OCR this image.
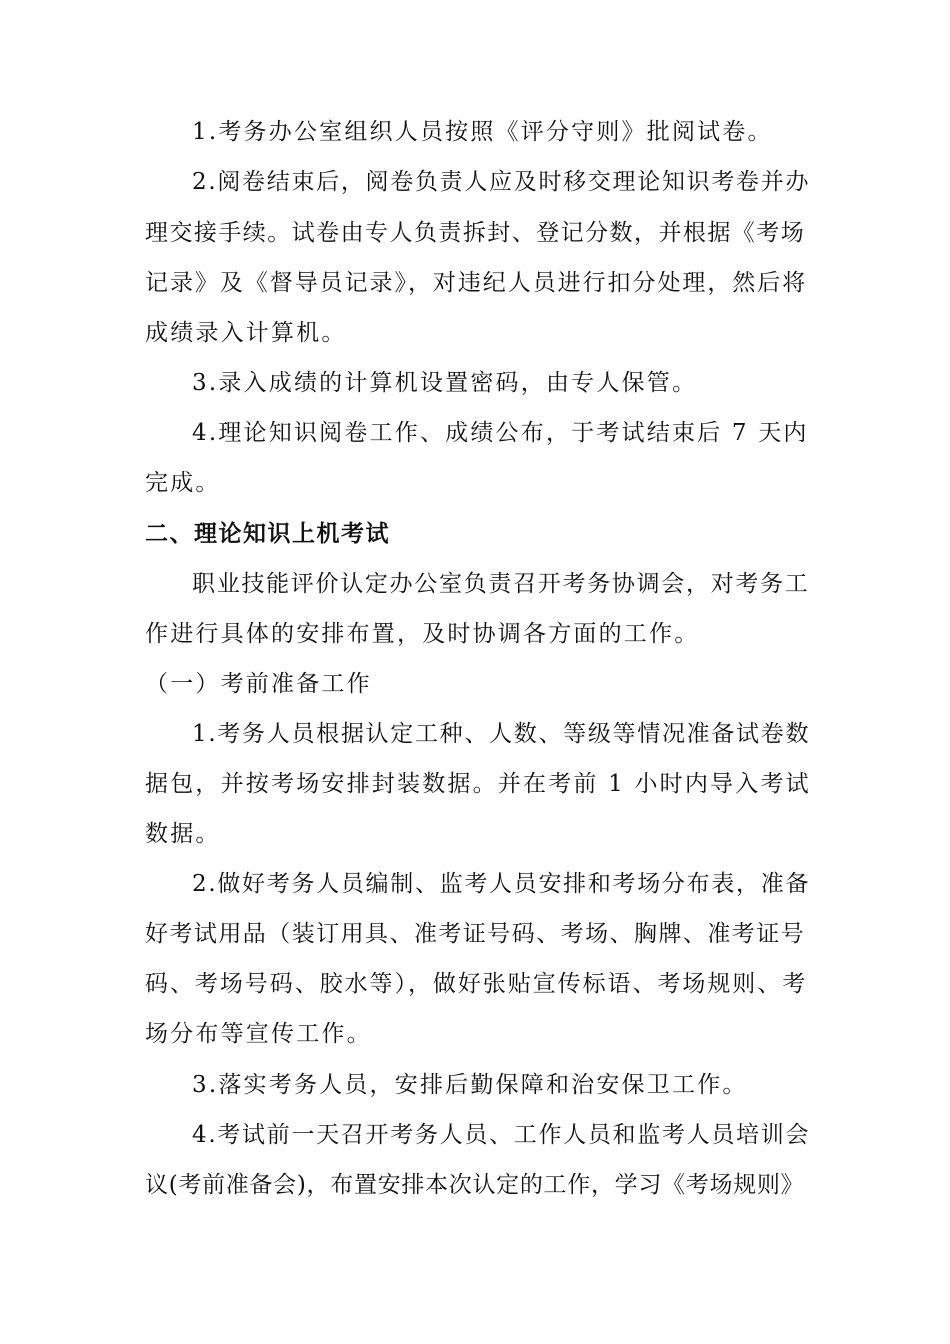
1.考务办公室组织人员按照《评分守则》批阅试卷。

2.阅卷结束后，阅卷负责人应及时移交理论知识考卷并办

理交接手续。试卷由专人负责拆封、登记分数，并根据《考场

记录》及《督导员记录》，对违纪人员进行扣分处理，然后将

成绩录入计算机。

3.录入成绩的计算机设置密码，由专人保管。

4.理论知识阅卷工作、成绩公布，于考试结束后 7 天内

完成。

二、理论知识上机考试

职业技能评价认定办公室负责召开考务协调会，对考务工

作进行具体的安排布置，及时协调各方面的工作。

（一）考前准备工作

1.考务人员根据认定工种、人数、等级等情况准备试卷数

据包，并按考场安排封装数据。并在考前 1 小时内导入考试

数据。

2.做好考务人员编制、监考人员安排和考场分布表，准备

好考试用品（装订用具、准考证号码、考场、胸牌、准考证号

码、考场号码、胶水等），做好张贴宣传标语、考场规则、考

场分布等宣传工作。

3.落实考务人员，安排后勤保障和治安保卫工作。

4.考试前一天召开考务人员、工作人员和监考人员培训会

议(考前准备会)，布置安排本次认定的工作，学习《考场规则》
